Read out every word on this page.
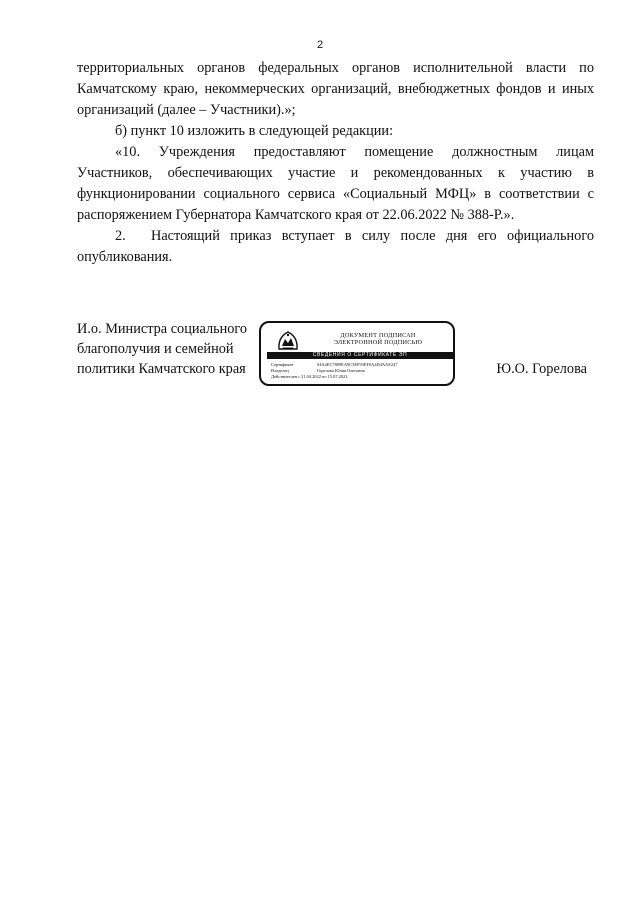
2

территориальных органов федеральных органов исполнительной власти по Камчатскому краю, некоммерческих организаций, внебюджетных фондов и иных организаций (далее – Участники).»;

б) пункт 10 изложить в следующей редакции:

«10. Учреждения предоставляют помещение должностным лицам Участников, обеспечивающих участие и рекомендованных к участию в функционировании социального сервиса «Социальный МФЦ» в соответствии с распоряжением Губернатора Камчатского края от 22.06.2022 № 388-Р.».

2. Настоящий приказ вступает в силу после дня его официального опубликования.

И.о. Министра социального
благополучия и семейной
политики Камчатского края
ДОКУМЕНТ ПОДПИСАН
ЭЛЕКТРОННОЙ ПОДПИСЬЮ
СВЕДЕНИЯ О СЕРТИФИКАТЕ ЭП
Сертификат	04A4EC7889EA9C3EF93EF0A4D4AAE247
Владелец	Горелова Юлия Олеговна
Действителен с 21.04.2022 по 15.07.2023	Ю.О. Горелова
